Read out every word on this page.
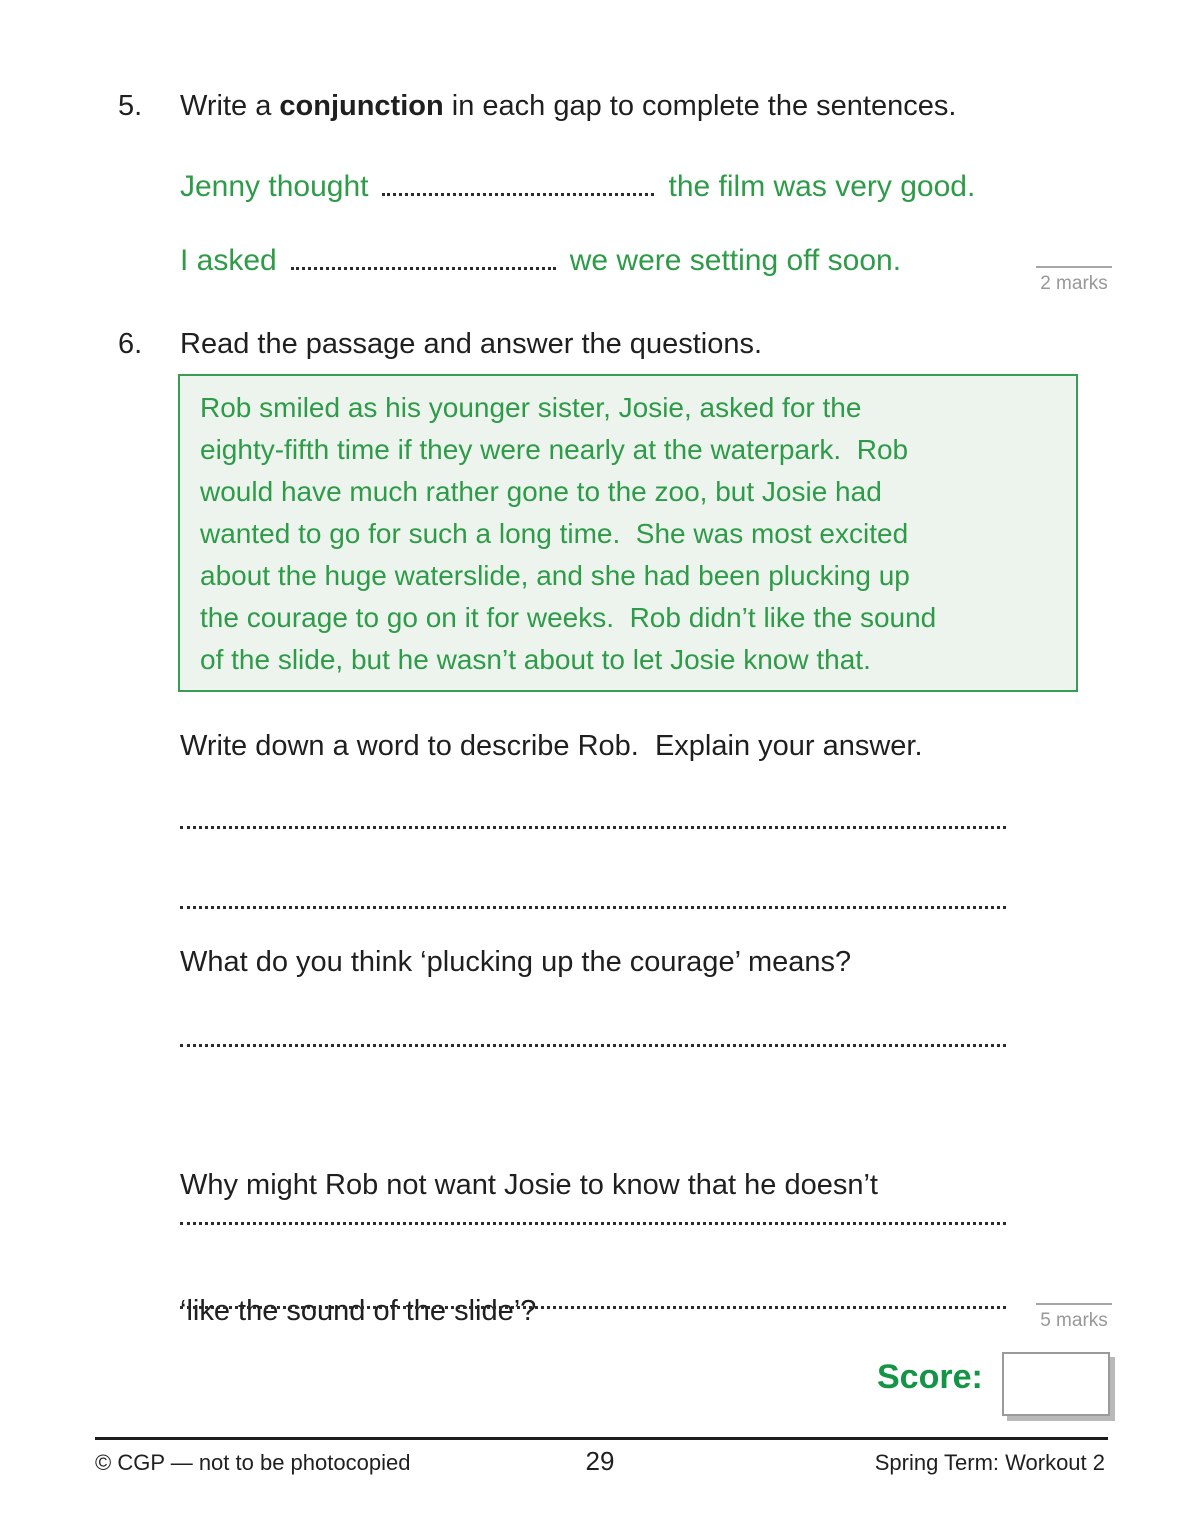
5.	Write a conjunction in each gap to complete the sentences.
Jenny thought	the film was very good.
I asked	we were setting off soon.
2 marks
6.	Read the passage and answer the questions.
Rob smiled as his younger sister, Josie, asked for the
eighty-fifth time if they were nearly at the waterpark.  Rob
would have much rather gone to the zoo, but Josie had
wanted to go for such a long time.  She was most excited
about the huge waterslide, and she had been plucking up
the courage to go on it for weeks.  Rob didn’t like the sound
of the slide, but he wasn’t about to let Josie know that.
Write down a word to describe Rob.  Explain your answer.
What do you think ‘plucking up the courage’ means?

Why might Rob not want Josie to know that he doesn’t

‘like the sound of the slide’?	5 marks
Score:
© CGP — not to be photocopied	29	Spring Term: Workout 2
